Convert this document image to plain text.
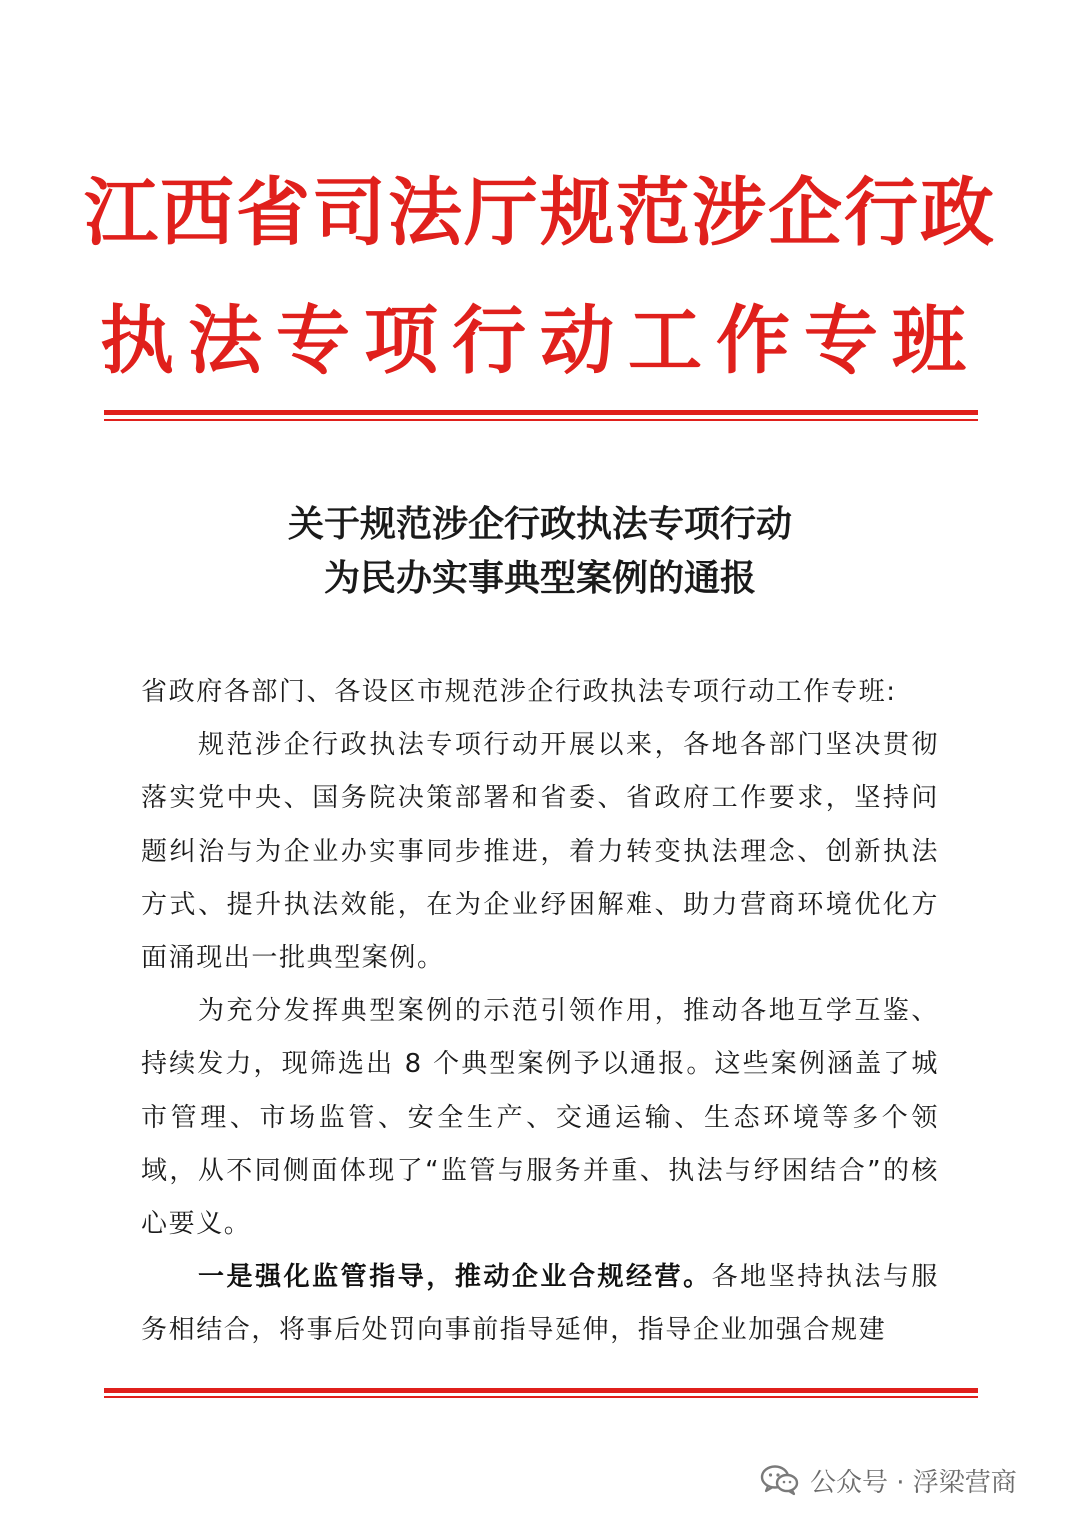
江西省司法厅规范涉企行政
执法专项行动工作专班
关于规范涉企行政执法专项行动
为民办实事典型案例的通报

省政府各部门、各设区市规范涉企行政执法专项行动工作专班:

规范涉企行政执法专项行动开展以来，各地各部门坚决贯彻落实党中央、国务院决策部署和省委、省政府工作要求，坚持问题纠治与为企业办实事同步推进，着力转变执法理念、创新执法方式、提升执法效能，在为企业纾困解难、助力营商环境优化方面涌现出一批典型案例。

为充分发挥典型案例的示范引领作用，推动各地互学互鉴、持续发力，现筛选出 8 个典型案例予以通报。这些案例涵盖了城市管理、市场监管、安全生产、交通运输、生态环境等多个领域，从不同侧面体现了“监管与服务并重、执法与纾困结合”的核心要义。

一是强化监管指导，推动企业合规经营。各地坚持执法与服务相结合，将事后处罚向事前指导延伸，指导企业加强合规建

公众号 · 浮梁营商
